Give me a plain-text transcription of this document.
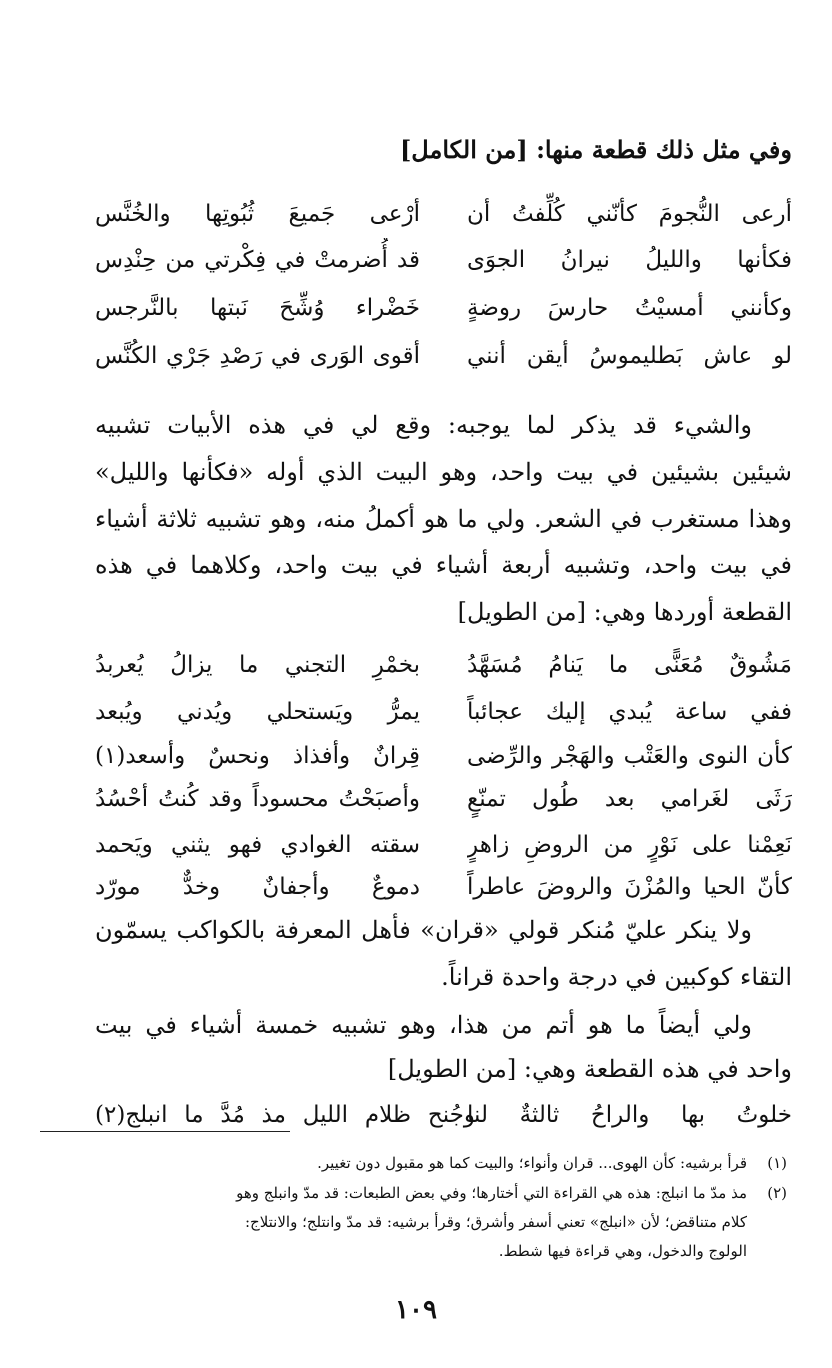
وفي مثل ذلك قطعة منها: [من الكامل]
أرعى النُّجومَ كأنّني كُلِّفتُ أن
أرْعى جَميعَ ثُبُوتِها والخُنَّس
فكأنها والليلُ نيرانُ الجوَى
قد أُضرمتْ في فِكْرتي من حِنْدِس
وكأنني أمسيْتُ حارسَ روضةٍ
خَضْراء وُشِّحَ نَبتها بالنَّرجس
لو عاش بَطليموسُ أيقن أنني
أقوى الوَرى في رَصْدِ جَرْي الكُنَّس
والشيء قد يذكر لما يوجبه: وقع لي في هذه الأبيات تشبيه
شيئين بشيئين في بيت واحد، وهو البيت الذي أوله «فكأنها والليل»
وهذا مستغرب في الشعر. ولي ما هو أكملُ منه، وهو تشبيه ثلاثة أشياء
في بيت واحد، وتشبيه أربعة أشياء في بيت واحد، وكلاهما في هذه
القطعة أوردها وهي: [من الطويل]
مَشُوقٌ مُعَنًّى ما يَنامُ مُسَهَّدُ
بخمْرِ التجني ما يزالُ يُعربدُ
ففي ساعة يُبدي إليك عجائباً
يمرُّ ويَستحلي ويُدني ويُبعد
كأن النوى والعَتْب والهَجْر والرِّضى
قِرانٌ وأفذاذ ونحسٌ وأسعد(١)
رَثَى لغَرامي بعد طُول تمنّعٍ
وأصبَحْتُ محسوداً وقد كُنتُ أحْسُدُ
نَعِمْنا على نَوْرٍ من الروضِ زاهرٍ
سقته الغوادي فهو يثني ويَحمد
كأنّ الحيا والمُزْنَ والروضَ عاطراً
دموعٌ وأجفانٌ وخدٌّ مورّد
ولا ينكر عليّ مُنكر قولي «قران» فأهل المعرفة بالكواكب يسمّون
التقاء كوكبين في درجة واحدة قراناً.
ولي أيضاً ما هو أتم من هذا، وهو تشبيه خمسة أشياء في بيت
واحد في هذه القطعة وهي: [من الطويل]
خلوتُ بها والراحُ ثالثةٌ لنا
وجُنح ظلام الليل مذ مُدَّ ما انبلج(٢)
(١)قرأ برشيه: كأن الهوى... قران وأنواء؛ والبيت كما هو مقبول دون تغيير.
(٢)مذ مدّ ما انبلج: هذه هي القراءة التي أختارها؛ وفي بعض الطبعات: قد مدّ وانبلج وهو
كلام متناقض؛ لأن «انبلج» تعني أسفر وأشرق؛ وقرأ برشيه: قد مدّ وانتلج؛ والانتلاج:
الولوج والدخول، وهي قراءة فيها شطط.
١٠٩
